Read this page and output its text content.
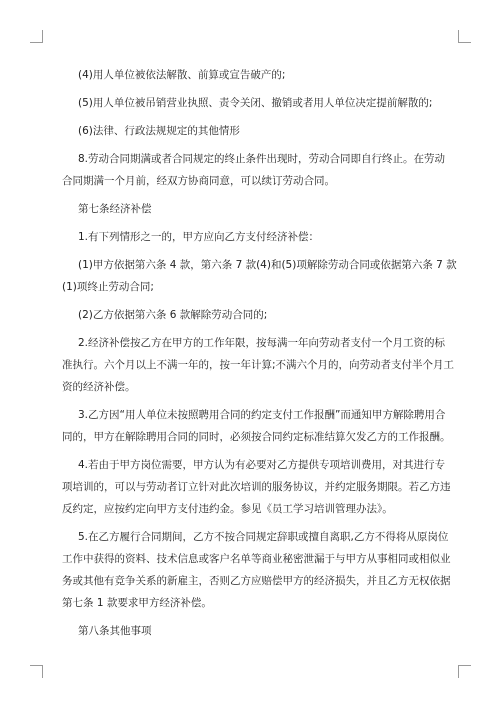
(4)用人单位被依法解散、前算或宣告破产的;

(5)用人单位被吊销营业执照、责令关闭、撤销或者用人单位决定提前解散的;

(6)法律、行政法规规定的其他情形

8.劳动合同期满或者合同规定的终止条件出现时，劳动合同即自行终止。在劳动
合同期满一个月前，经双方协商同意，可以续订劳动合同。

第七条经济补偿

1.有下列情形之一的，甲方应向乙方支付经济补偿：

(1)甲方依据第六条 4 款，第六条 7 款(4)和(5)项解除劳动合同或依据第六条 7 款
(1)项终止劳动合同;

(2)乙方依据第六条 6 款解除劳动合同的;

2.经济补偿按乙方在甲方的工作年限，按每满一年向劳动者支付一个月工资的标
准执行。六个月以上不满一年的，按一年计算;不满六个月的，向劳动者支付半个月工
资的经济补偿。
3.乙方因“用人单位未按照聘用合同的约定支付工作报酬”而通知甲方解除聘用合
同的，甲方在解除聘用合同的同时，必须按合同约定标准结算欠发乙方的工作报酬。
4.若由于甲方岗位需要，甲方认为有必要对乙方提供专项培训费用，对其进行专
项培训的，可以与劳动者订立针对此次培训的服务协议，并约定服务期限。若乙方违
反约定，应按约定向甲方支付违约金。参见《员工学习培训管理办法》。
5.在乙方履行合同期间，乙方不按合同规定辞职或擅自离职,乙方不得将从原岗位
工作中获得的资料、技术信息或客户名单等商业秘密泄漏于与甲方从事相同或相似业
务或其他有竞争关系的新雇主，否则乙方应赔偿甲方的经济损失，并且乙方无权依据
第七条 1 款要求甲方经济补偿。

第八条其他事项
